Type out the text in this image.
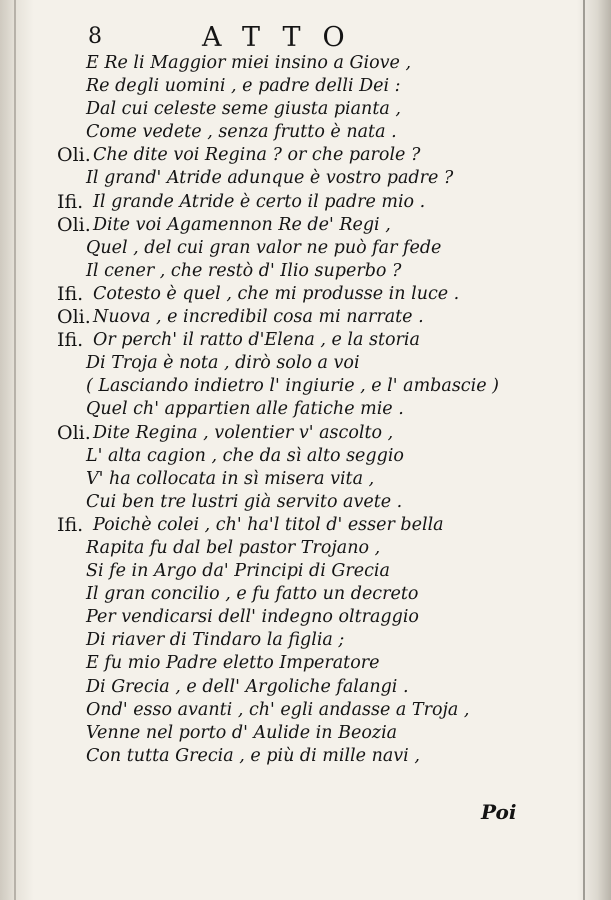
8	ATTO
E Re li Maggior miei insino a Giove ,
Re degli uomini , e padre delli Dei :
Dal cui celeste seme giusta pianta ,
Come vedete , senza frutto è nata .
Oli. Che dite voi Regina ? or che parole ?
Il grand' Atride adunque è vostro padre ?
Ifi. Il grande Atride è certo il padre mio .
Oli. Dite voi Agamennon Re de' Regi ,
Quel , del cui gran valor ne può far fede
Il cener , che restò d' Ilio superbo ?
Ifi. Cotesto è quel , che mi produsse in luce .
Oli. Nuova , e incredibil cosa mi narrate .
Ifi. Or perch' il ratto d'Elena , e la storia
Di Troja è nota , dirò solo a voi
( Lasciando indietro l' ingiurie , e l' ambascie )
Quel ch' appartien alle fatiche mie .
Oli. Dite Regina , volentier v' ascolto ,
L' alta cagion , che da sì alto seggio
V' ha collocata in sì misera vita ,
Cui ben tre lustri già servito avete .
Ifi. Poichè colei , ch' ha'l titol d' esser bella
Rapita fu dal bel pastor Trojano ,
Si fe in Argo da' Principi di Grecia
Il gran concilio , e fu fatto un decreto
Per vendicarsi dell' indegno oltraggio
Di riaver di Tindaro la figlia ;
E fu mio Padre eletto Imperatore
Di Grecia , e dell' Argoliche falangi .
Ond' esso avanti , ch' egli andasse a Troja ,
Venne nel porto d' Aulide in Beozia
Con tutta Grecia , e più di mille navi ,
Poi
